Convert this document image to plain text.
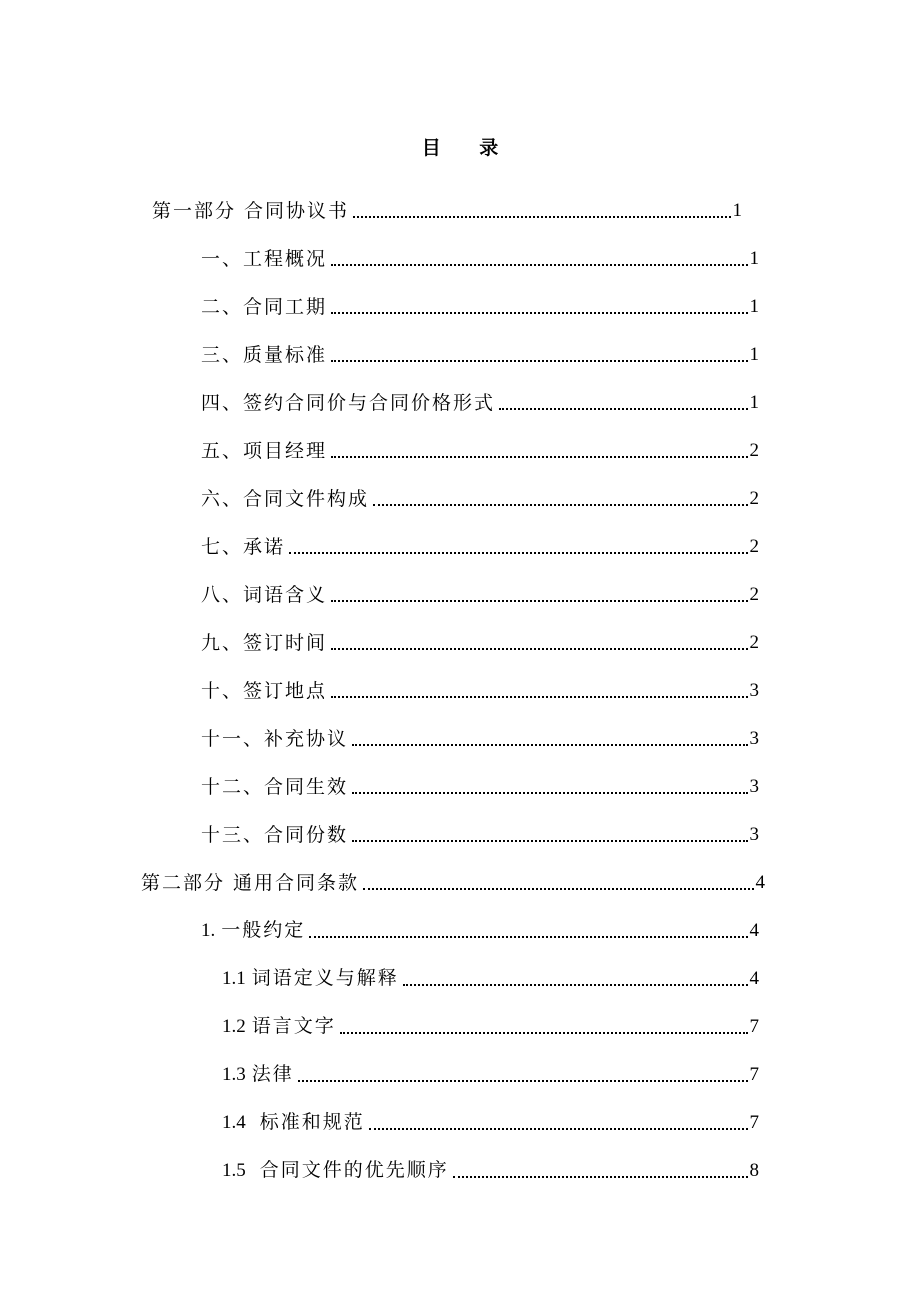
目 录
第一部分 合同协议书	1
一、工程概况	1
二、合同工期	1
三、质量标准	1
四、签约合同价与合同价格形式	1
五、项目经理	2
六、合同文件构成	2
七、承诺	2
八、词语含义	2
九、签订时间	2
十、签订地点	3
十一、补充协议	3
十二、合同生效	3
十三、合同份数	3
第二部分 通用合同条款	4
1. 一般约定	4
1.1 词语定义与解释	4
1.2 语言文字	7
1.3 法律	7
1.4 标准和规范	7
1.5 合同文件的优先顺序	8
